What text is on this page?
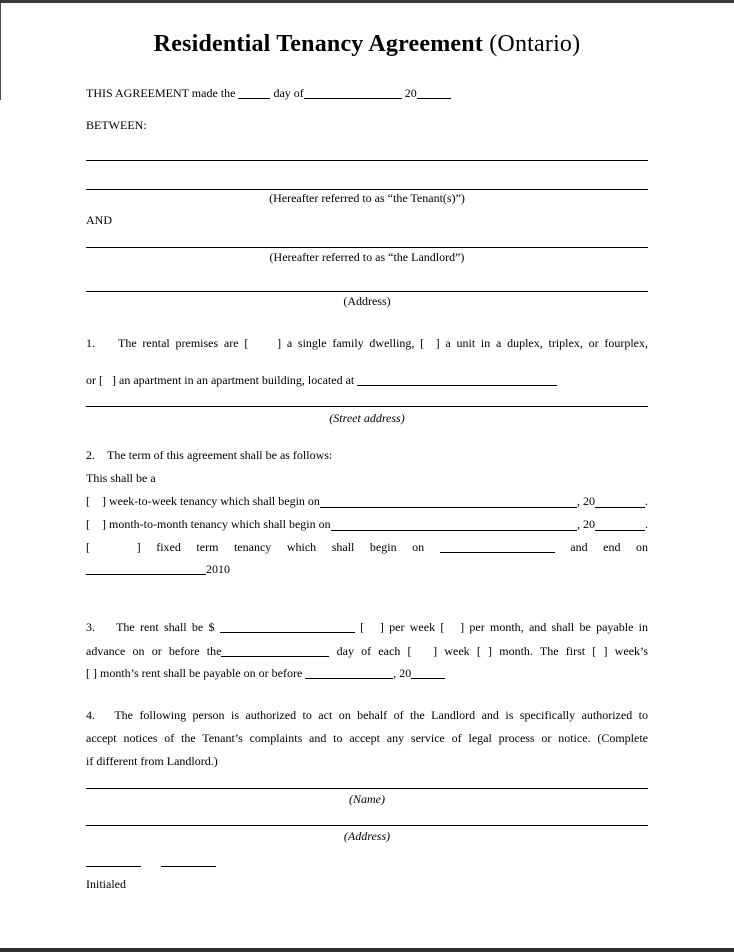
Residential Tenancy Agreement (Ontario)
THIS AGREEMENT made the	day of	20
BETWEEN:
(Hereafter referred to as “the Tenant(s)”)
AND
(Hereafter referred to as “the Landlord”)
(Address)
1.    The rental premises are [     ] a single family dwelling, [  ] a unit in a duplex, triplex, or fourplex,
or [   ] an apartment in an apartment building, located at
(Street address)
2.    The term of this agreement shall be as follows:
This shall be a
[    ] week-to-week tenancy which shall begin on	, 20	.
[    ] month-to-month tenancy which shall begin on	, 20	.
[   ] fixed term tenancy which shall begin on	and end on
2010
3.    The rent shall be $	[   ] per week [   ] per month, and shall be payable in
advance on or before the	day of each [   ] week [ ] month. The first [ ] week’s
[ ] month’s rent shall be payable on or before	, 20
4.   The following person is authorized to act on behalf of the Landlord and is specifically authorized to
accept notices of the Tenant’s complaints and to accept any service of legal process or notice. (Complete
if different from Landlord.)
(Name)
(Address)
Initialed
